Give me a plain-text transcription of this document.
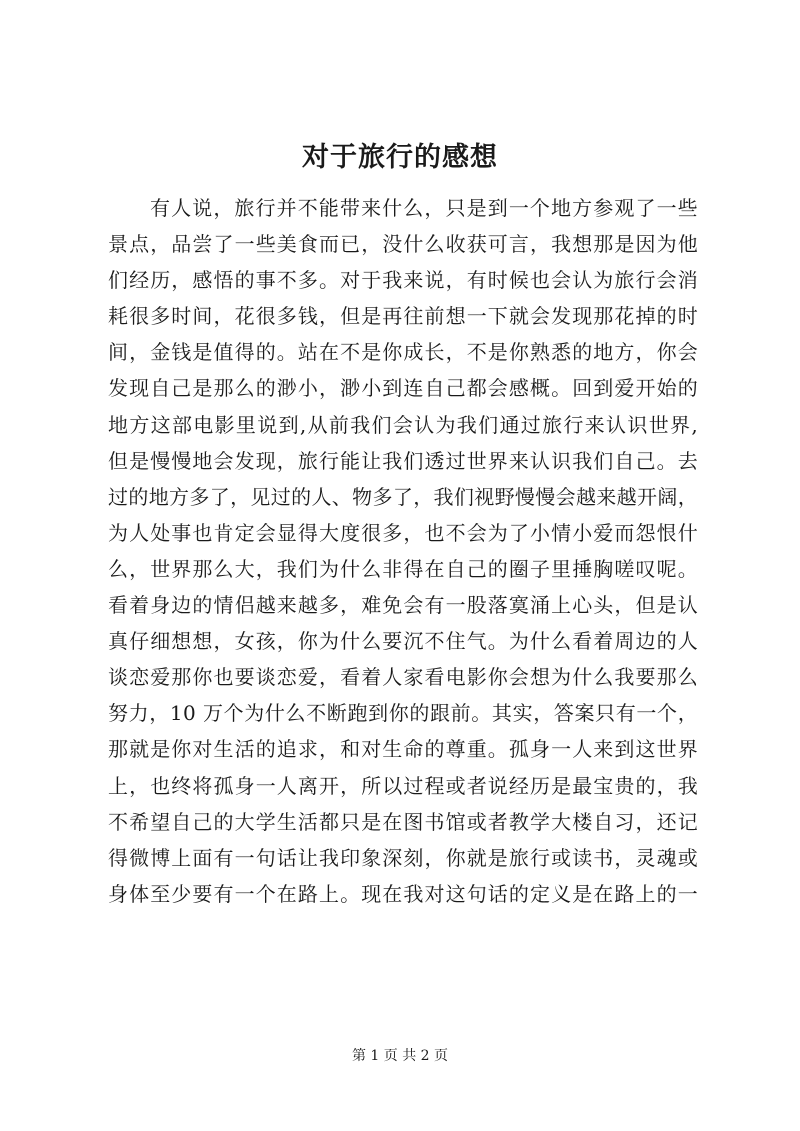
对于旅行的感想
有人说，旅行并不能带来什么，只是到一个地方参观了一些
景点，品尝了一些美食而已，没什么收获可言，我想那是因为他
们经历，感悟的事不多。对于我来说，有时候也会认为旅行会消
耗很多时间，花很多钱，但是再往前想一下就会发现那花掉的时
间，金钱是值得的。站在不是你成长，不是你熟悉的地方，你会
发现自己是那么的渺小，渺小到连自己都会感概。回到爱开始的
地方这部电影里说到,从前我们会认为我们通过旅行来认识世界,
但是慢慢地会发现，旅行能让我们透过世界来认识我们自己。去
过的地方多了，见过的人、物多了，我们视野慢慢会越来越开阔，
为人处事也肯定会显得大度很多，也不会为了小情小爱而怨恨什
么，世界那么大，我们为什么非得在自己的圈子里捶胸嗟叹呢。
看着身边的情侣越来越多，难免会有一股落寞涌上心头，但是认
真仔细想想，女孩，你为什么要沉不住气。为什么看着周边的人
谈恋爱那你也要谈恋爱，看着人家看电影你会想为什么我要那么
努力，10 万个为什么不断跑到你的跟前。其实，答案只有一个，
那就是你对生活的追求，和对生命的尊重。孤身一人来到这世界
上，也终将孤身一人离开，所以过程或者说经历是最宝贵的，我
不希望自己的大学生活都只是在图书馆或者教学大楼自习，还记
得微博上面有一句话让我印象深刻，你就是旅行或读书，灵魂或
身体至少要有一个在路上。现在我对这句话的定义是在路上的一

第 1 页 共 2 页
